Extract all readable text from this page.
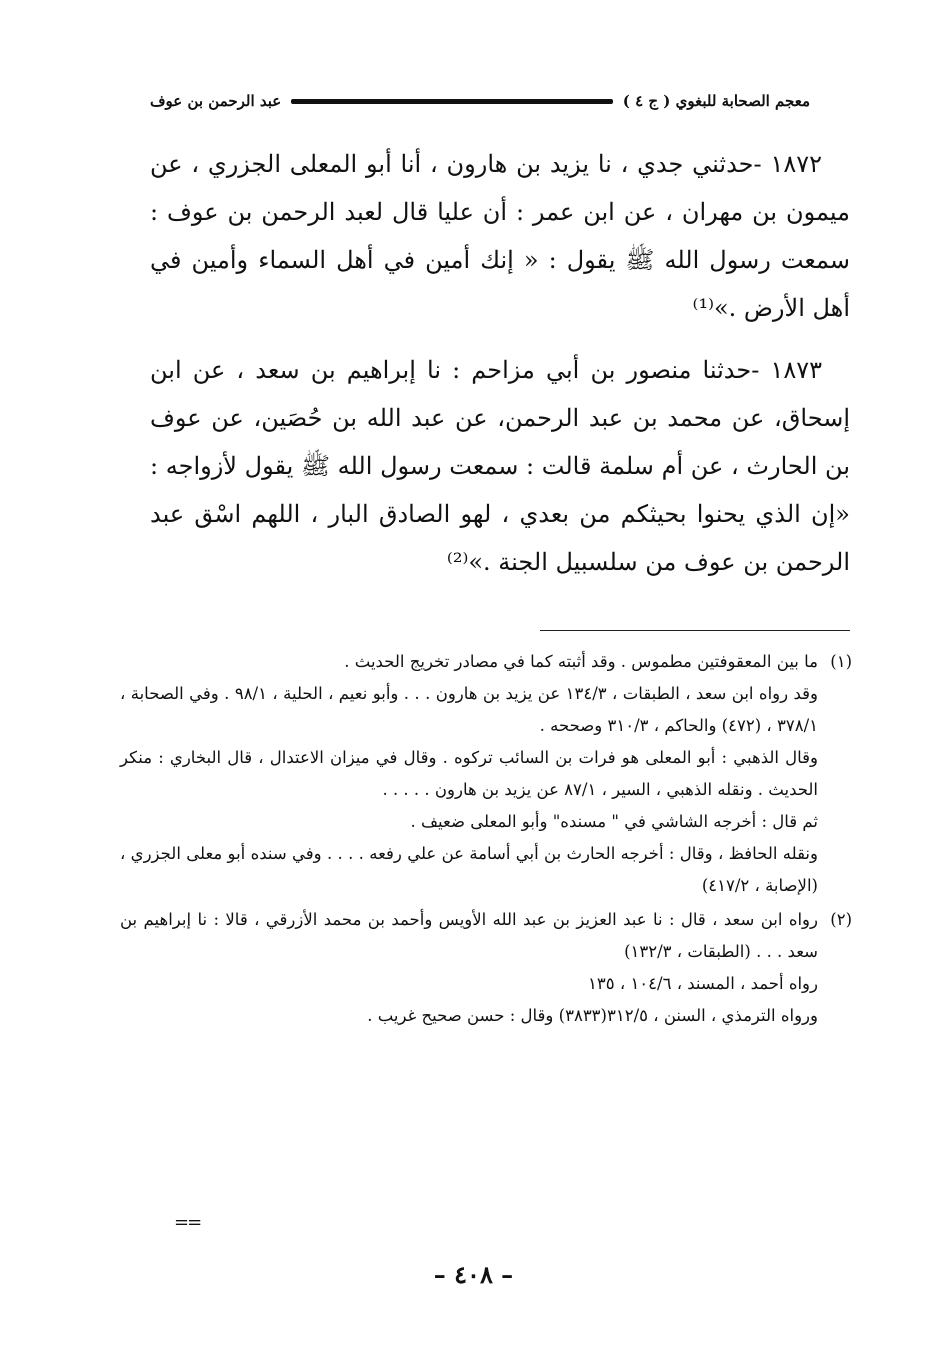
معجم الصحابة للبغوي ( ج ٤ )
عبد الرحمن بن عوف

١٨٧٢ -حدثني جدي ، نا يزيد بن هارون ، أنا أبو المعلى الجزري ، عن ميمون بن مهران ، عن ابن عمر : أن عليا قال لعبد الرحمن بن عوف : سمعت رسول الله ﷺ يقول : « إنك أمين في أهل السماء وأمين في أهل الأرض .»⁽¹⁾

١٨٧٣ -حدثنا منصور بن أبي مزاحم : نا إبراهيم بن سعد ، عن ابن إسحاق، عن محمد بن عبد الرحمن، عن عبد الله بن حُصَين، عن عوف بن الحارث ، عن أم سلمة قالت : سمعت رسول الله ﷺ يقول لأزواجه : «إن الذي يحنوا بحيثكم من بعدي ، لهو الصادق البار ، اللهم اسْق عبد الرحمن بن عوف من سلسبيل الجنة .»⁽²⁾

(١)
ما بين المعقوفتين مطموس . وقد أثبته كما في مصادر تخريج الحديث .
وقد رواه ابن سعد ، الطبقات ، ١٣٤/٣ عن يزيد بن هارون . . . وأبو نعيم ، الحلية ، ٩٨/١ . وفي الصحابة ، ٣٧٨/١ ، (٤٧٢) والحاكم ، ٣١٠/٣ وصححه .
وقال الذهبي : أبو المعلى هو فرات بن السائب تركوه . وقال في ميزان الاعتدال ، قال البخاري : منكر الحديث . ونقله الذهبي ، السير ، ٨٧/١ عن يزيد بن هارون . . . . .
ثم قال : أخرجه الشاشي في " مسنده" وأبو المعلى ضعيف .
ونقله الحافظ ، وقال : أخرجه الحارث بن أبي أسامة عن علي رفعه . . . . وفي سنده أبو معلى الجزري ، (الإصابة ، ٤١٧/٢)
(٢)
رواه ابن سعد ، قال : نا عبد العزيز بن عبد الله الأويس وأحمد بن محمد الأزرقي ، قالا : نا إبراهيم بن سعد . . . (الطبقات ، ١٣٢/٣)
رواه أحمد ، المسند ، ١٠٤/٦ ، ١٣٥
ورواه الترمذي ، السنن ، ٣١٢/٥(٣٨٣٣) وقال : حسن صحيح غريب .
==
– ٤٠٨ –
